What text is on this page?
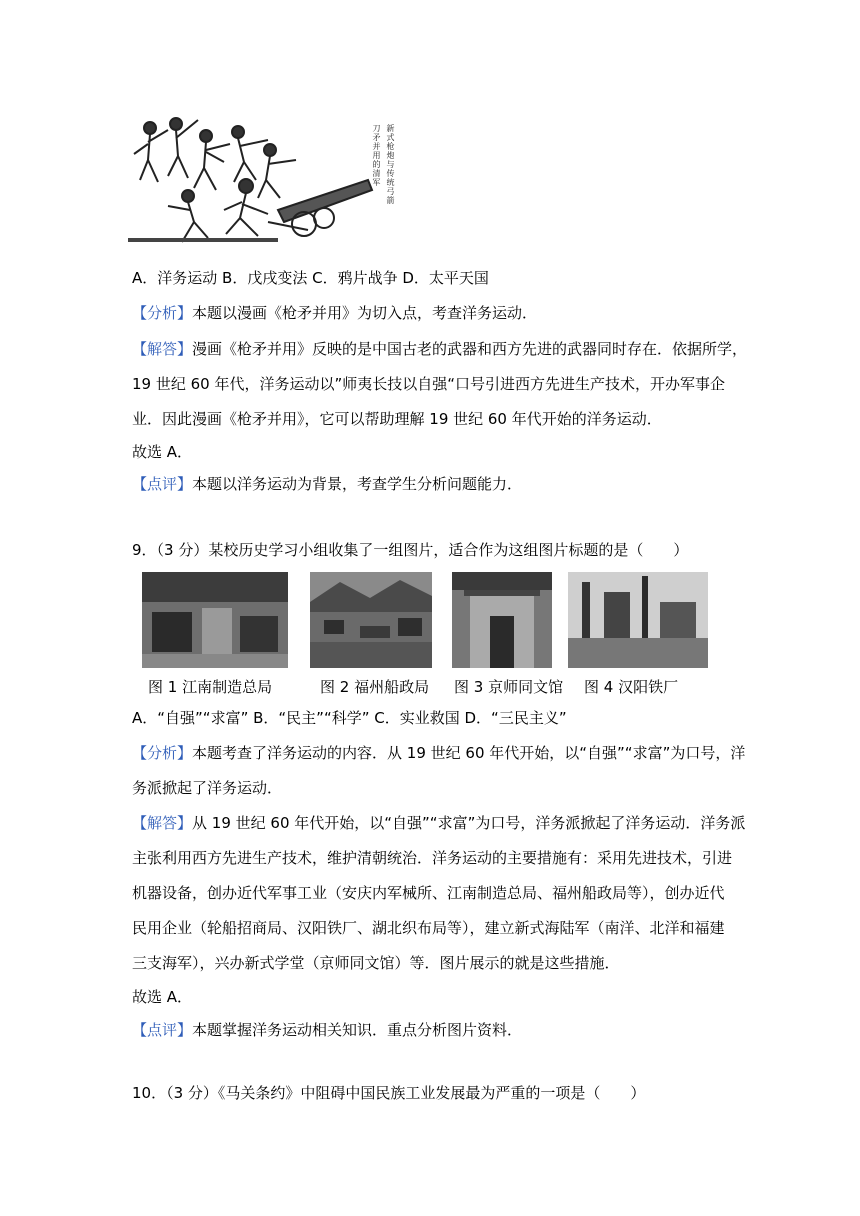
新式枪炮与传统弓箭
刀矛并用的清军
A．洋务运动 B．戊戌变法 C．鸦片战争 D．太平天国
【分析】本题以漫画《枪矛并用》为切入点，考查洋务运动．
【解答】漫画《枪矛并用》反映的是中国古老的武器和西方先进的武器同时存在．依据所学，
19 世纪 60 年代，洋务运动以”师夷长技以自强“口号引进西方先进生产技术，开办军事企
业．因此漫画《枪矛并用》，它可以帮助理解 19 世纪 60 年代开始的洋务运动．
故选 A．
【点评】本题以洋务运动为背景，考查学生分析问题能力．
9．（3 分）某校历史学习小组收集了一组图片，适合作为这组图片标题的是（　　）
图 1 江南制造总局	图 2 福州船政局 图 3 京师同文馆 图 4 汉阳铁厂
A．“自强”“求富” B．“民主”“科学” C．实业救国 D．“三民主义”
【分析】本题考查了洋务运动的内容．从 19 世纪 60 年代开始，以“自强”“求富”为口号，洋
务派掀起了洋务运动．
【解答】从 19 世纪 60 年代开始，以“自强”“求富”为口号，洋务派掀起了洋务运动．洋务派
主张利用西方先进生产技术，维护清朝统治．洋务运动的主要措施有：采用先进技术，引进
机器设备，创办近代军事工业（安庆内军械所、江南制造总局、福州船政局等），创办近代
民用企业（轮船招商局、汉阳铁厂、湖北织布局等），建立新式海陆军（南洋、北洋和福建
三支海军），兴办新式学堂（京师同文馆）等．图片展示的就是这些措施．
故选 A．
【点评】本题掌握洋务运动相关知识．重点分析图片资料．
10．（3 分）《马关条约》中阻碍中国民族工业发展最为严重的一项是（　　）
